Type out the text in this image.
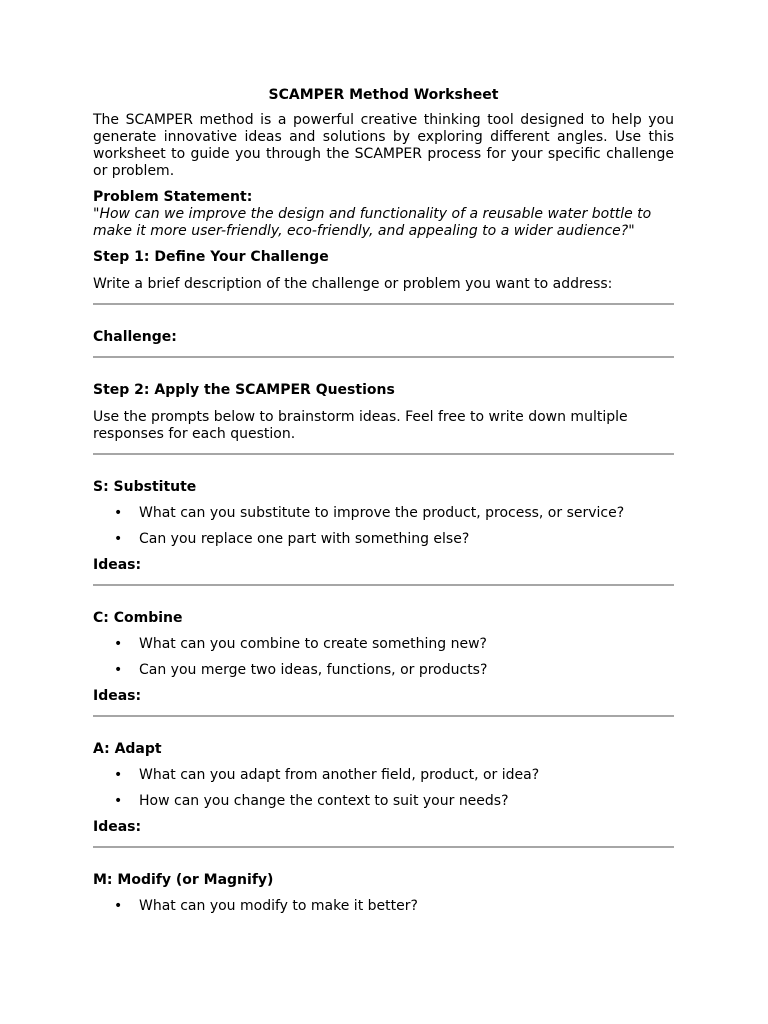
SCAMPER Method Worksheet

The SCAMPER method is a powerful creative thinking tool designed to help you generate innovative ideas and solutions by exploring different angles. Use this worksheet to guide you through the SCAMPER process for your specific challenge or problem.

Problem Statement:

"How can we improve the design and functionality of a reusable water bottle to make it more user-friendly, eco-friendly, and appealing to a wider audience?"

Step 1: Define Your Challenge

Write a brief description of the challenge or problem you want to address:

Challenge:

Step 2: Apply the SCAMPER Questions

Use the prompts below to brainstorm ideas. Feel free to write down multiple responses for each question.

S: Substitute

• What can you substitute to improve the product, process, or service?
• Can you replace one part with something else?

Ideas:

C: Combine

• What can you combine to create something new?
• Can you merge two ideas, functions, or products?

Ideas:

A: Adapt

• What can you adapt from another field, product, or idea?
• How can you change the context to suit your needs?

Ideas:

M: Modify (or Magnify)

• What can you modify to make it better?
